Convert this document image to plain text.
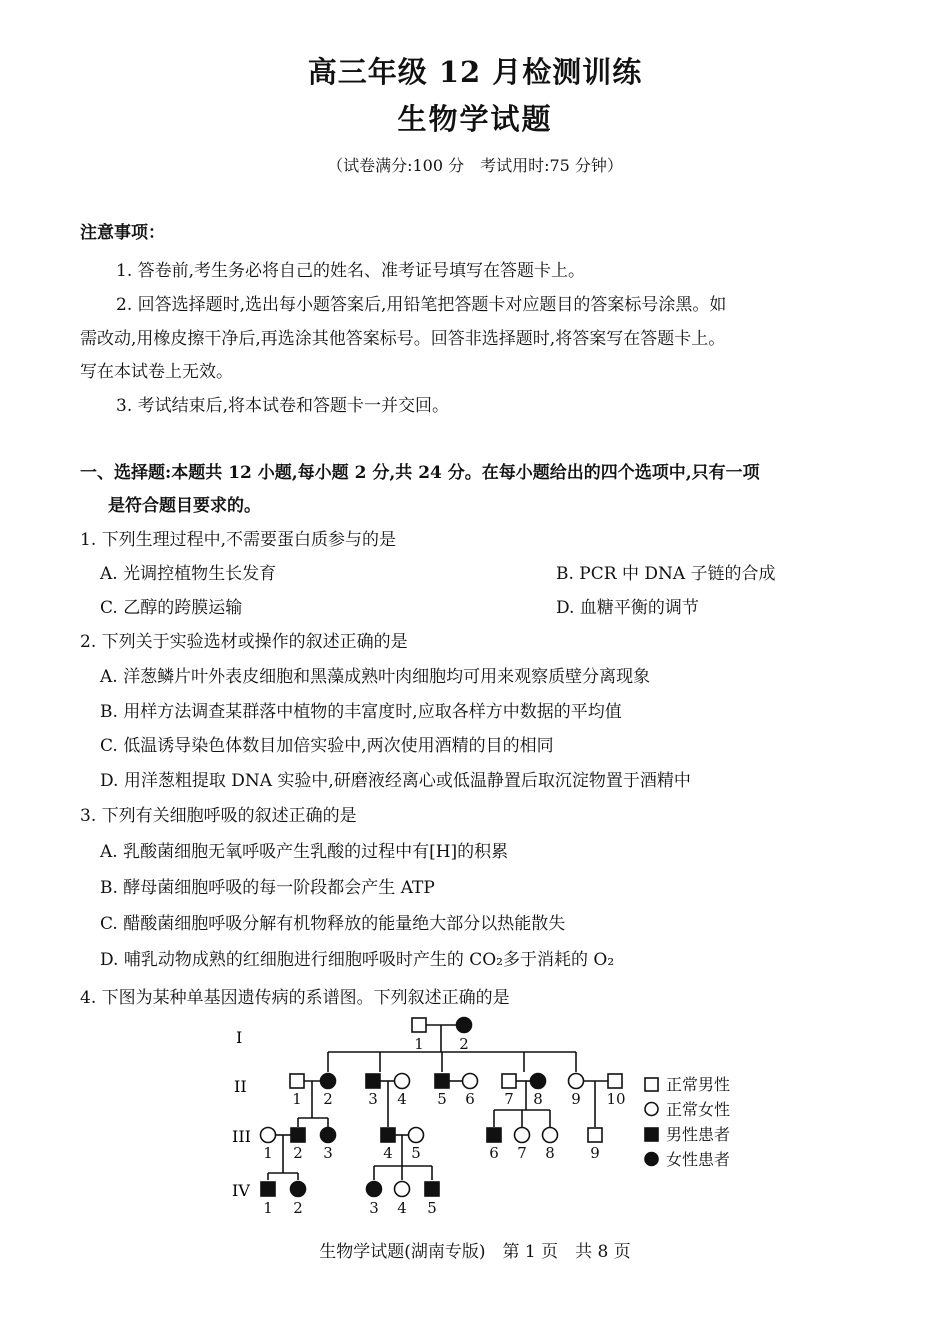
高三年级 12 月检测训练
生物学试题
（试卷满分:100 分　考试用时:75 分钟）
注意事项：
1. 答卷前,考生务必将自己的姓名、准考证号填写在答题卡上。
2. 回答选择题时,选出每小题答案后,用铅笔把答题卡对应题目的答案标号涂黑。如
需改动,用橡皮擦干净后,再选涂其他答案标号。回答非选择题时,将答案写在答题卡上。
写在本试卷上无效。
3. 考试结束后,将本试卷和答题卡一并交回。
一、选择题:本题共 12 小题,每小题 2 分,共 24 分。在每小题给出的四个选项中,只有一项
是符合题目要求的。
1. 下列生理过程中,不需要蛋白质参与的是
A. 光调控植物生长发育	B. PCR 中 DNA 子链的合成
C. 乙醇的跨膜运输	D. 血糖平衡的调节
2. 下列关于实验选材或操作的叙述正确的是
A. 洋葱鳞片叶外表皮细胞和黑藻成熟叶肉细胞均可用来观察质壁分离现象
B. 用样方法调查某群落中植物的丰富度时,应取各样方中数据的平均值
C. 低温诱导染色体数目加倍实验中,两次使用酒精的目的相同
D. 用洋葱粗提取 DNA 实验中,研磨液经离心或低温静置后取沉淀物置于酒精中
3. 下列有关细胞呼吸的叙述正确的是
A. 乳酸菌细胞无氧呼吸产生乳酸的过程中有[H]的积累
B. 酵母菌细胞呼吸的每一阶段都会产生 ATP
C. 醋酸菌细胞呼吸分解有机物释放的能量绝大部分以热能散失
D. 哺乳动物成熟的红细胞进行细胞呼吸时产生的 CO₂多于消耗的 O₂
4. 下图为某种单基因遗传病的系谱图。下列叙述正确的是
I
II
III
IV
1 2
1 2 3 4 5 6 7 8 9 10
1 2 3	4 5	6 7 8 9
1 2	3 4 5
正常男性
正常女性
男性患者
女性患者
生物学试题(湖南专版)　第 1 页　共 8 页
